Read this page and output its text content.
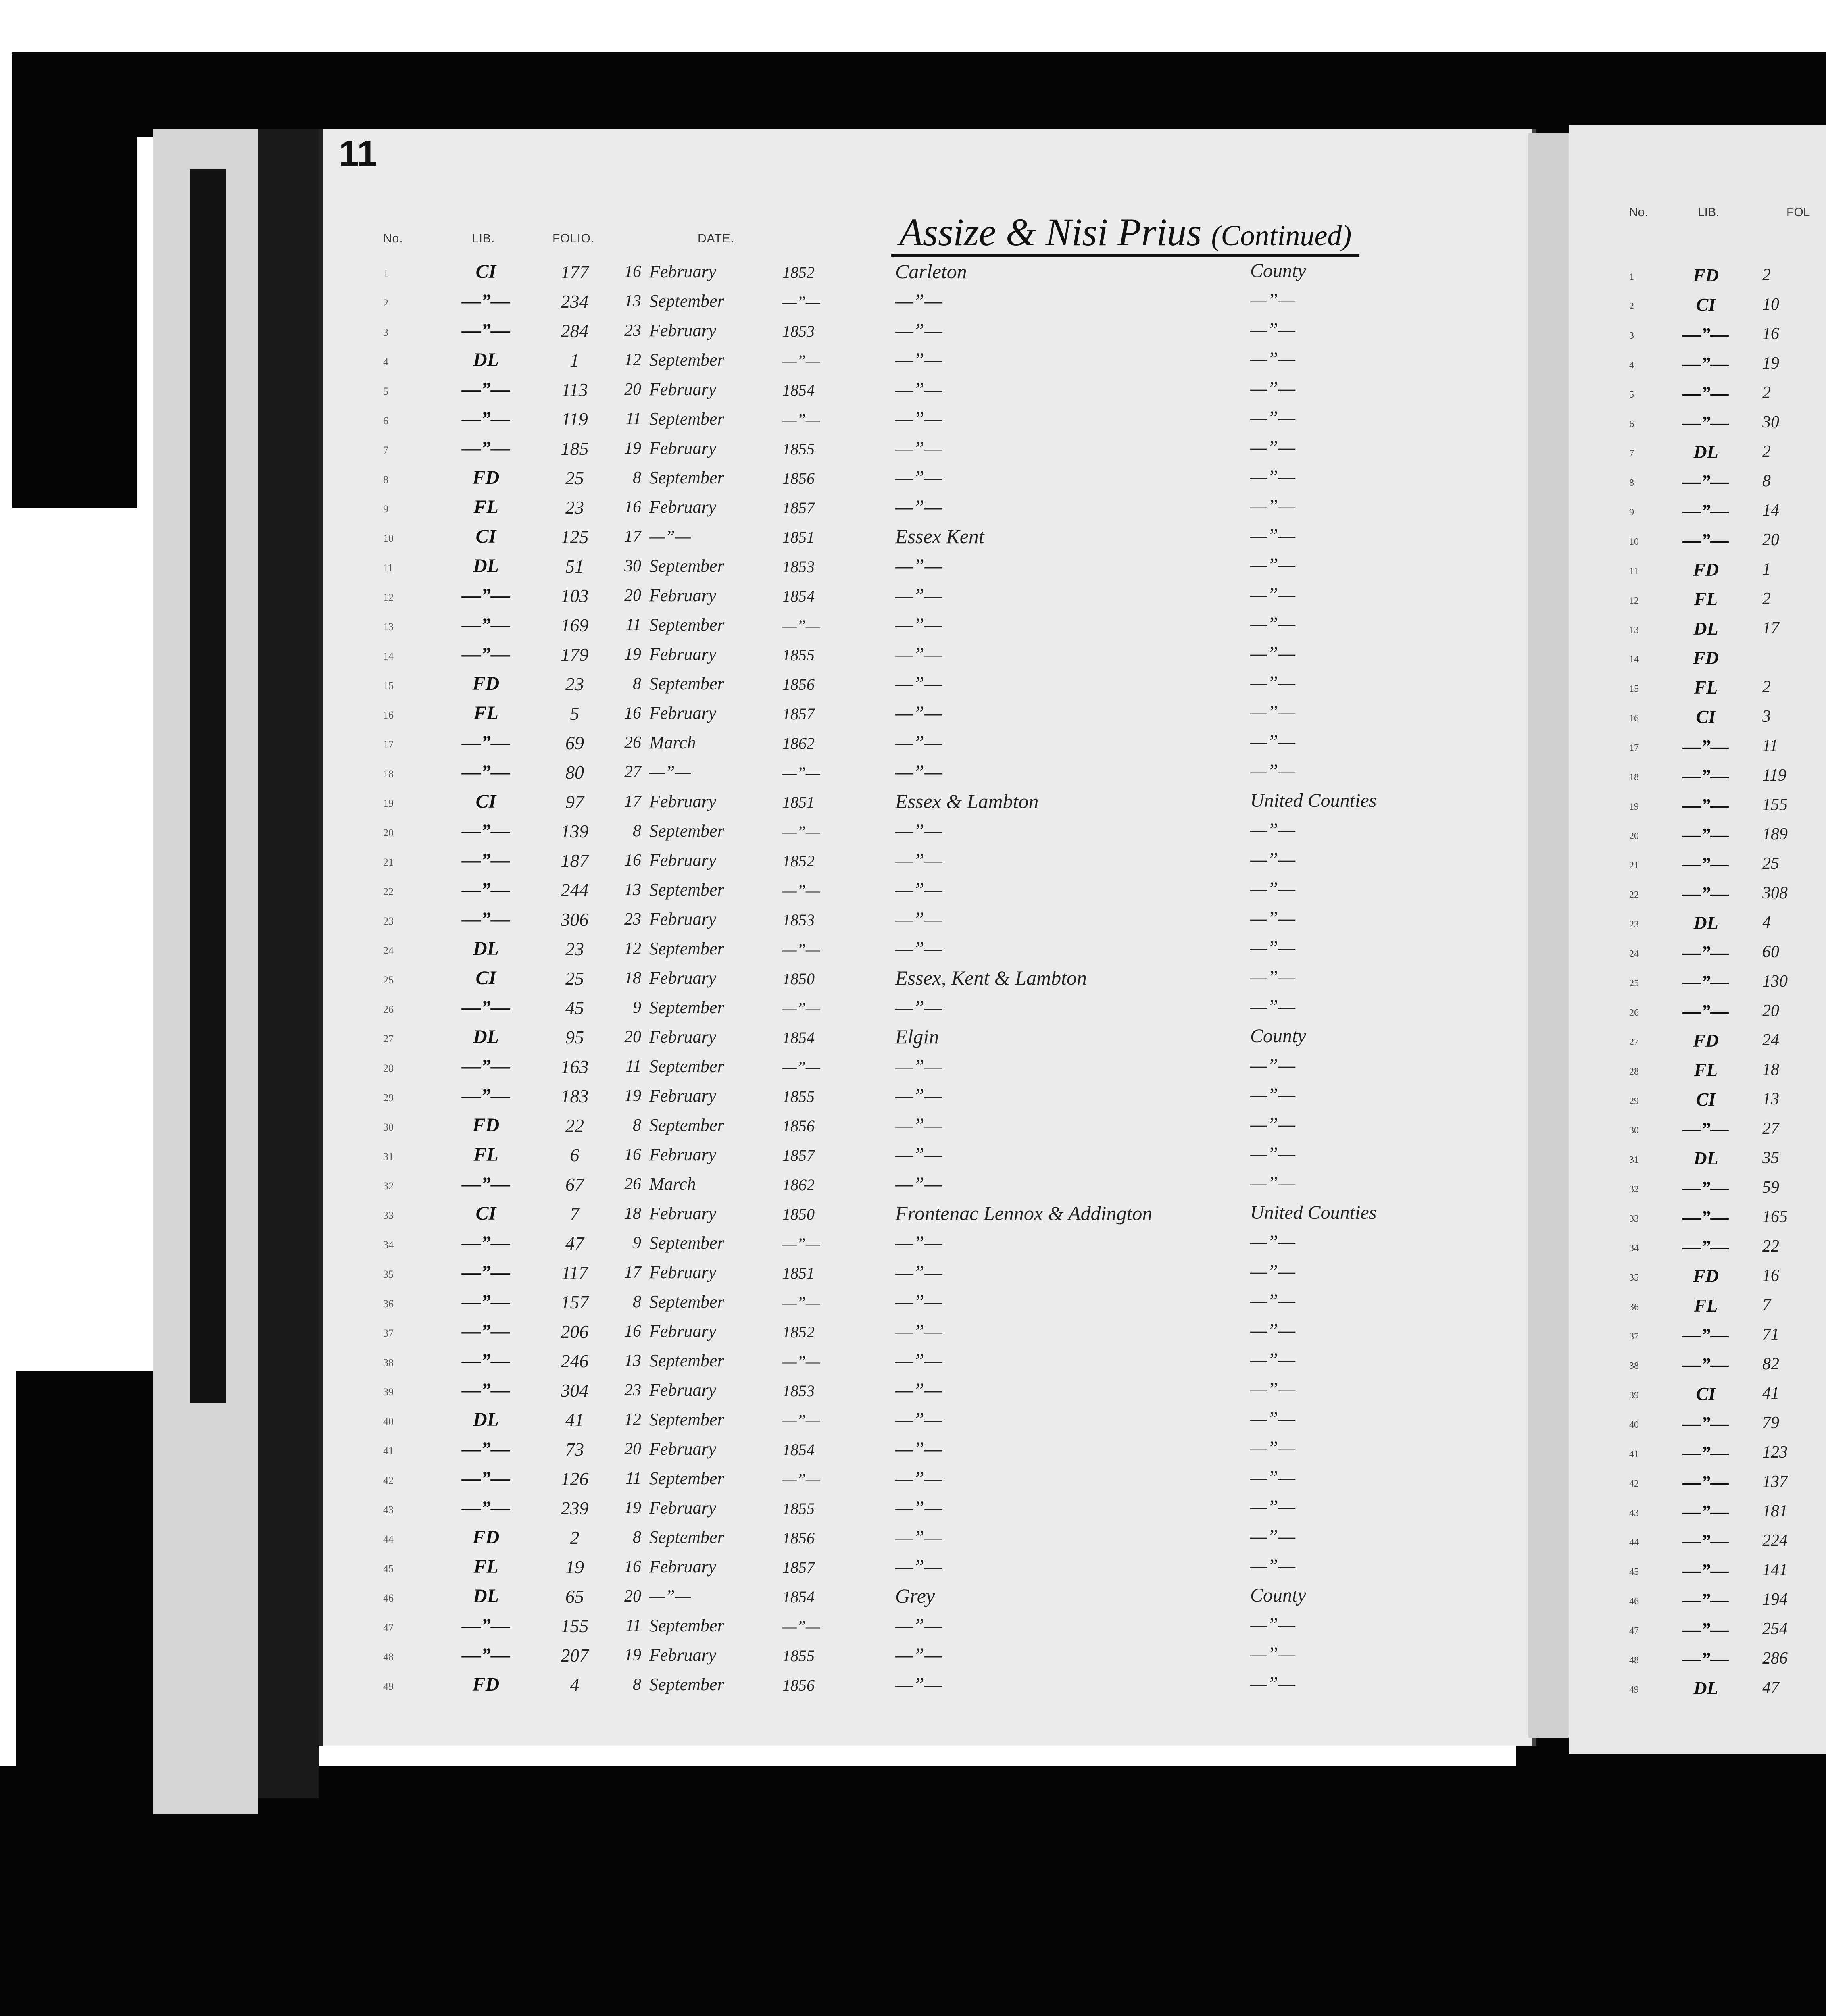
11
No.	LIB.	FOLIO.	DATE.	Assize & Nisi Prius (Continued)
1	CI	177	16 February	1852	Carleton	County
2	—”—	234	13 September	—”—	—”—	—”—
3	—”—	284	23 February	1853	—”—	—”—
4	DL	1	12 September	—”—	—”—	—”—
5	—”—	113	20 February	1854	—”—	—”—
6	—”—	119	11 September	—”—	—”—	—”—
7	—”—	185	19 February	1855	—”—	—”—
8	FD	25	8 September	1856	—”—	—”—
9	FL	23	16 February	1857	—”—	—”—
10	CI	125	17 —”—	1851	Essex Kent	—”—
11	DL	51	30 September	1853	—”—	—”—
12	—”—	103	20 February	1854	—”—	—”—
13	—”—	169	11 September	—”—	—”—	—”—
14	—”—	179	19 February	1855	—”—	—”—
15	FD	23	8 September	1856	—”—	—”—
16	FL	5	16 February	1857	—”—	—”—
17	—”—	69	26 March	1862	—”—	—”—
18	—”—	80	27 —”—	—”—	—”—	—”—
19	CI	97	17 February	1851	Essex & Lambton	United Counties
20	—”—	139	8 September	—”—	—”—	—”—
21	—”—	187	16 February	1852	—”—	—”—
22	—”—	244	13 September	—”—	—”—	—”—
23	—”—	306	23 February	1853	—”—	—”—
24	DL	23	12 September	—”—	—”—	—”—
25	CI	25	18 February	1850	Essex, Kent & Lambton	—”—
26	—”—	45	9 September	—”—	—”—	—”—
27	DL	95	20 February	1854	Elgin	County
28	—”—	163	11 September	—”—	—”—	—”—
29	—”—	183	19 February	1855	—”—	—”—
30	FD	22	8 September	1856	—”—	—”—
31	FL	6	16 February	1857	—”—	—”—
32	—”—	67	26 March	1862	—”—	—”—
33	CI	7	18 February	1850	Frontenac Lennox & Addington	United Counties
34	—”—	47	9 September	—”—	—”—	—”—
35	—”—	117	17 February	1851	—”—	—”—
36	—”—	157	8 September	—”—	—”—	—”—
37	—”—	206	16 February	1852	—”—	—”—
38	—”—	246	13 September	—”—	—”—	—”—
39	—”—	304	23 February	1853	—”—	—”—
40	DL	41	12 September	—”—	—”—	—”—
41	—”—	73	20 February	1854	—”—	—”—
42	—”—	126	11 September	—”—	—”—	—”—
43	—”—	239	19 February	1855	—”—	—”—
44	FD	2	8 September	1856	—”—	—”—
45	FL	19	16 February	1857	—”—	—”—
46	DL	65	20 —”—	1854	Grey	County
47	—”—	155	11 September	—”—	—”—	—”—
48	—”—	207	19 February	1855	—”—	—”—
49	FD	4	8 September	1856	—”—	—”—
No.	LIB.	FOL
1	FD	2
2	CI	10
3	—”—	16
4	—”—	19
5	—”—	2
6	—”—	30
7	DL	2
8	—”—	8
9	—”—	14
10	—”—	20
11	FD	1
12	FL	2
13	DL	17
14	FD
15	FL	2
16	CI	3
17	—”—	11
18	—”—	119
19	—”—	155
20	—”—	189
21	—”—	25
22	—”—	308
23	DL	4
24	—”—	60
25	—”—	130
26	—”—	20
27	FD	24
28	FL	18
29	CI	13
30	—”—	27
31	DL	35
32	—”—	59
33	—”—	165
34	—”—	22
35	FD	16
36	FL	7
37	—”—	71
38	—”—	82
39	CI	41
40	—”—	79
41	—”—	123
42	—”—	137
43	—”—	181
44	—”—	224
45	—”—	141
46	—”—	194
47	—”—	254
48	—”—	286
49	DL	47
